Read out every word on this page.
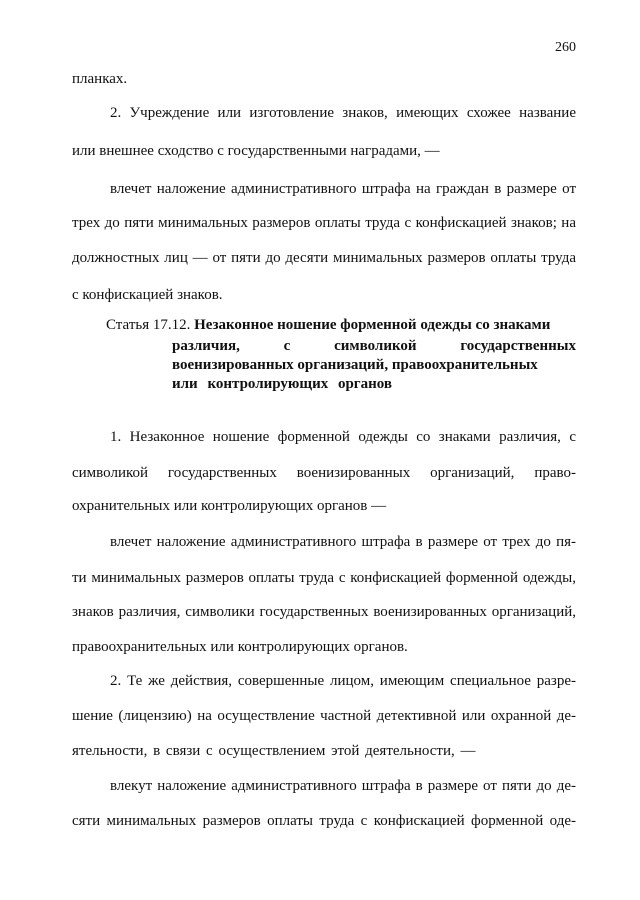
260
планках.
2. Учреждение или изготовление знаков, имеющих схожее название
или внешнее сходство с государственными наградами, —
влечет наложение административного штрафа на граждан в размере от
трех до пяти минимальных размеров оплаты труда с конфискацией знаков; на
должностных лиц — от пяти до десяти минимальных размеров оплаты труда
с конфискацией знаков.
Статья 17.12. Незаконное ношение форменной одежды со знаками
различия, с символикой государственных
военизированных организаций, правоохранительных
или контролирующих органов
1. Незаконное ношение форменной одежды со знаками различия, с
символикой государственных военизированных организаций, право-
охранительных или контролирующих органов —
влечет наложение административного штрафа в размере от трех до пя-
ти минимальных размеров оплаты труда с конфискацией форменной одежды,
знаков различия, символики государственных военизированных организаций,
правоохранительных или контролирующих органов.
2. Те же действия, совершенные лицом, имеющим специальное разре-
шение (лицензию) на осуществление частной детективной или охранной де-
ятельности, в связи с осуществлением этой деятельности, —
влекут наложение административного штрафа в размере от пяти до де-
сяти минимальных размеров оплаты труда с конфискацией форменной оде-
